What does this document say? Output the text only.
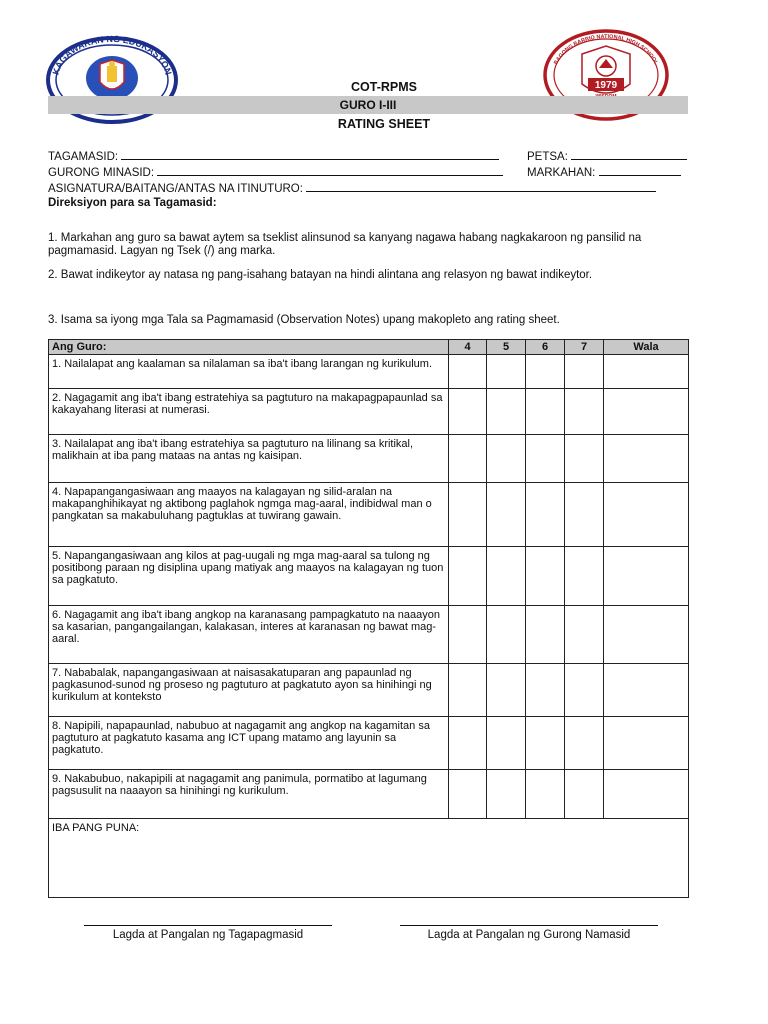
KAGAWARAN NG EDUKASYON
BAGONG BARRIO NATIONAL HIGH SCHOOL
1979
COT-RPMS
GURO I-III
RATING SHEET
TAGAMASID:	PETSA:
GURONG MINASID:	MARKAHAN:
ASIGNATURA/BAITANG/ANTAS NA ITINUTURO:
Direksiyon para sa Tagamasid:
1. Markahan ang guro sa bawat aytem sa tseklist alinsunod sa kanyang nagawa habang nagkakaroon ng pansilid na pagmamasid. Lagyan ng Tsek (/) ang marka.
2. Bawat indikeytor ay natasa ng pang-isahang batayan na hindi alintana ang relasyon ng bawat indikeytor.
3. Isama sa iyong mga Tala sa Pagmamasid (Observation Notes) upang makopleto ang rating sheet.
Ang Guro:	4	5	6	7	Wala
1. Nailalapat ang kaalaman sa nilalaman sa iba't ibang larangan ng kurikulum.					
2. Nagagamit ang iba't ibang estratehiya sa pagtuturo na makapagpapaunlad sa kakayahang literasi at numerasi.					
3. Nailalapat ang iba't ibang estratehiya sa pagtuturo na lilinang sa kritikal, malikhain at iba pang mataas na antas ng kaisipan.					
4. Napapangangasiwaan ang maayos na kalagayan ng silid-aralan na makapanghihikayat ng aktibong paglahok ngmga mag-aaral, indibidwal man o pangkatan sa makabuluhang pagtuklas at tuwirang gawain.					
5. Napangangasiwaan ang kilos at pag-uugali ng mga mag-aaral sa tulong ng positibong paraan ng disiplina upang matiyak ang maayos na kalagayan ng tuon sa pagkatuto.					
6. Nagagamit ang iba't ibang angkop na karanasang pampagkatuto na naaayon sa kasarian, pangangailangan, kalakasan, interes at karanasan ng bawat mag-aaral.					
7. Nababalak, napangangasiwaan at naisasakatuparan ang papaunlad ng pagkasunod-sunod ng proseso ng pagtuturo at pagkatuto ayon sa hinihingi ng kurikulum at konteksto					
8. Napipili, napapaunlad, nabubuo at nagagamit ang angkop na kagamitan sa pagtuturo at pagkatuto kasama ang ICT upang matamo ang layunin sa pagkatuto.					
9. Nakabubuo, nakapipili at nagagamit ang panimula, pormatibo at lagumang pagsusulit na naaayon sa hinihingi ng kurikulum.					
IBA PANG PUNA:					
Lagda at Pangalan ng Tagapagmasid	Lagda at Pangalan ng Gurong Namasid
